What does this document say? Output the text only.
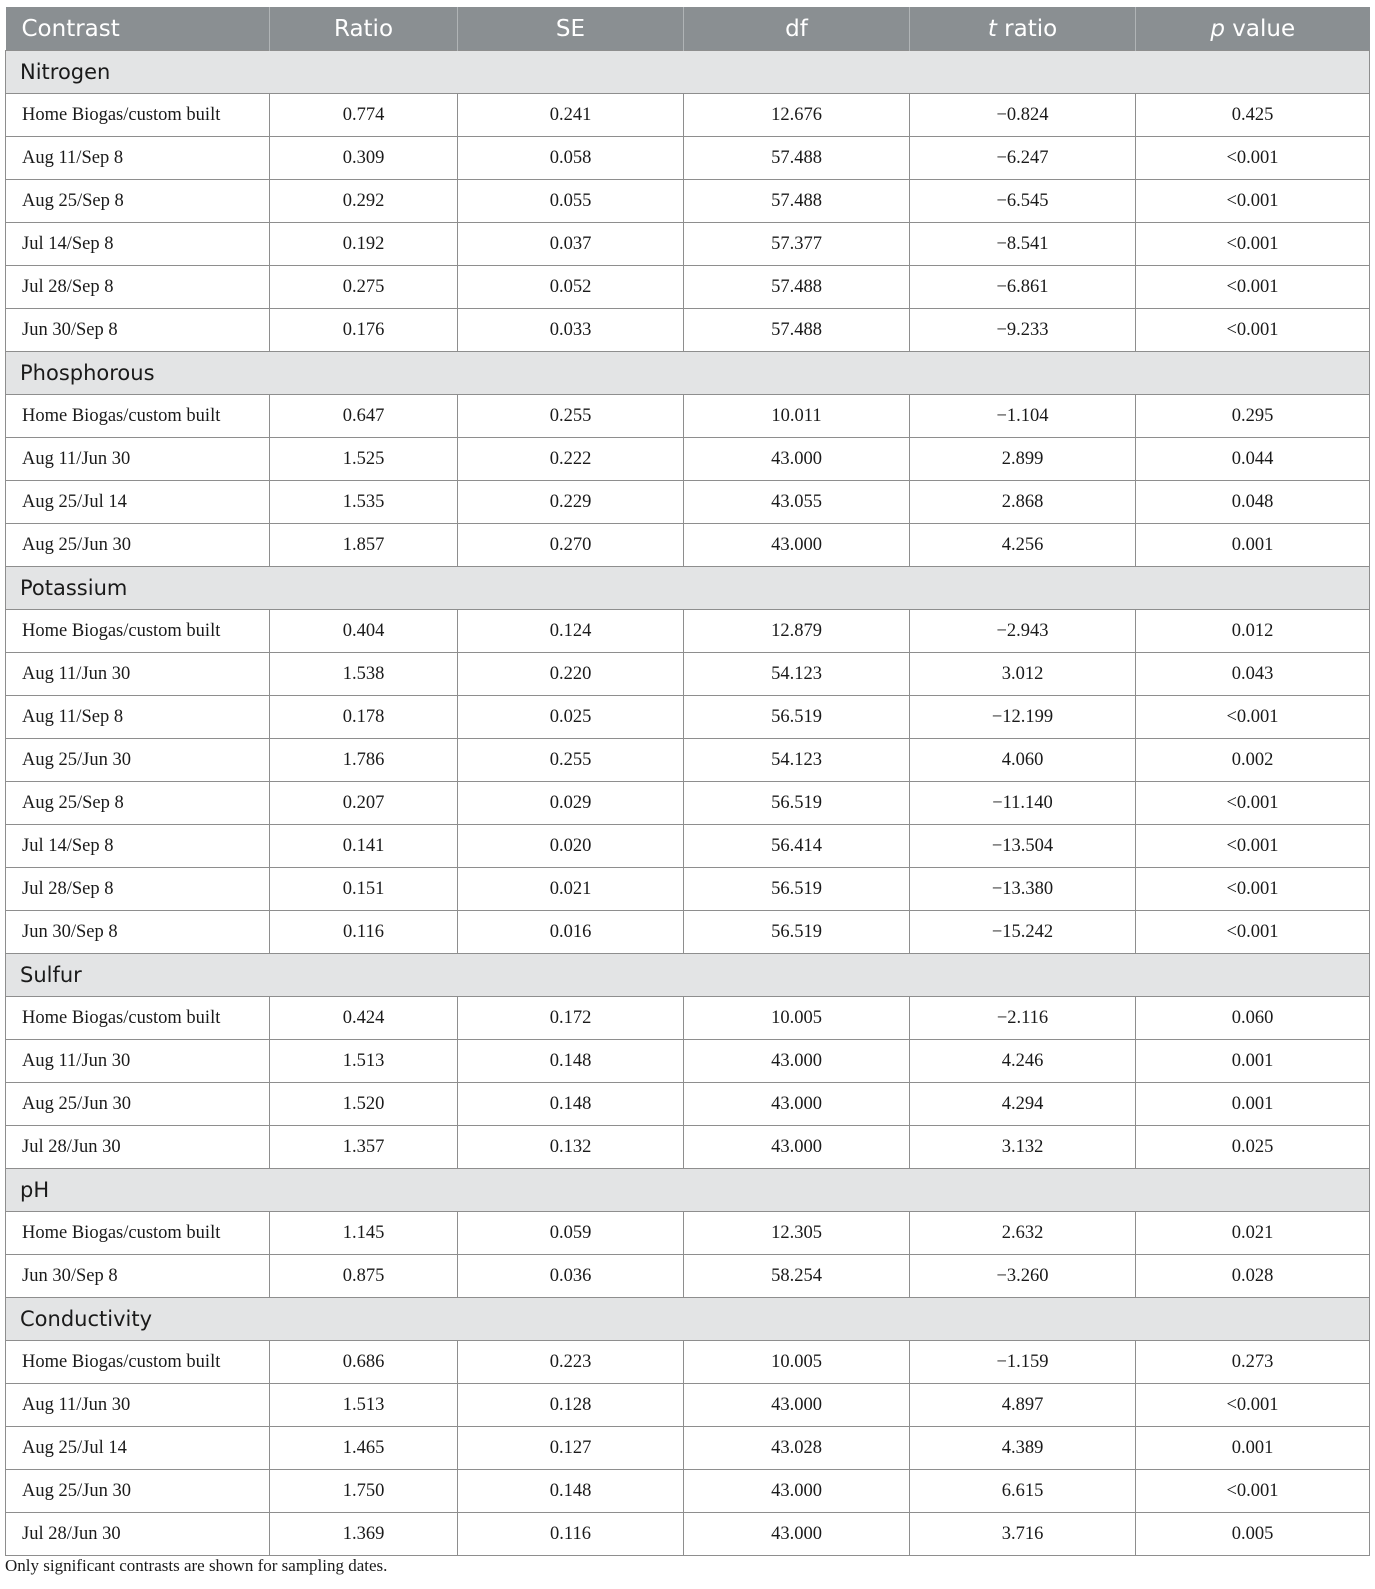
Contrast	Ratio	SE	df	t ratio	p value
Nitrogen					
Home Biogas/custom built	0.774	0.241	12.676	−0.824	0.425
Aug 11/Sep 8	0.309	0.058	57.488	−6.247	<0.001
Aug 25/Sep 8	0.292	0.055	57.488	−6.545	<0.001
Jul 14/Sep 8	0.192	0.037	57.377	−8.541	<0.001
Jul 28/Sep 8	0.275	0.052	57.488	−6.861	<0.001
Jun 30/Sep 8	0.176	0.033	57.488	−9.233	<0.001
Phosphorous					
Home Biogas/custom built	0.647	0.255	10.011	−1.104	0.295
Aug 11/Jun 30	1.525	0.222	43.000	2.899	0.044
Aug 25/Jul 14	1.535	0.229	43.055	2.868	0.048
Aug 25/Jun 30	1.857	0.270	43.000	4.256	0.001
Potassium					
Home Biogas/custom built	0.404	0.124	12.879	−2.943	0.012
Aug 11/Jun 30	1.538	0.220	54.123	3.012	0.043
Aug 11/Sep 8	0.178	0.025	56.519	−12.199	<0.001
Aug 25/Jun 30	1.786	0.255	54.123	4.060	0.002
Aug 25/Sep 8	0.207	0.029	56.519	−11.140	<0.001
Jul 14/Sep 8	0.141	0.020	56.414	−13.504	<0.001
Jul 28/Sep 8	0.151	0.021	56.519	−13.380	<0.001
Jun 30/Sep 8	0.116	0.016	56.519	−15.242	<0.001
Sulfur					
Home Biogas/custom built	0.424	0.172	10.005	−2.116	0.060
Aug 11/Jun 30	1.513	0.148	43.000	4.246	0.001
Aug 25/Jun 30	1.520	0.148	43.000	4.294	0.001
Jul 28/Jun 30	1.357	0.132	43.000	3.132	0.025
pH					
Home Biogas/custom built	1.145	0.059	12.305	2.632	0.021
Jun 30/Sep 8	0.875	0.036	58.254	−3.260	0.028
Conductivity					
Home Biogas/custom built	0.686	0.223	10.005	−1.159	0.273
Aug 11/Jun 30	1.513	0.128	43.000	4.897	<0.001
Aug 25/Jul 14	1.465	0.127	43.028	4.389	0.001
Aug 25/Jun 30	1.750	0.148	43.000	6.615	<0.001
Jul 28/Jun 30	1.369	0.116	43.000	3.716	0.005
Only significant contrasts are shown for sampling dates.
